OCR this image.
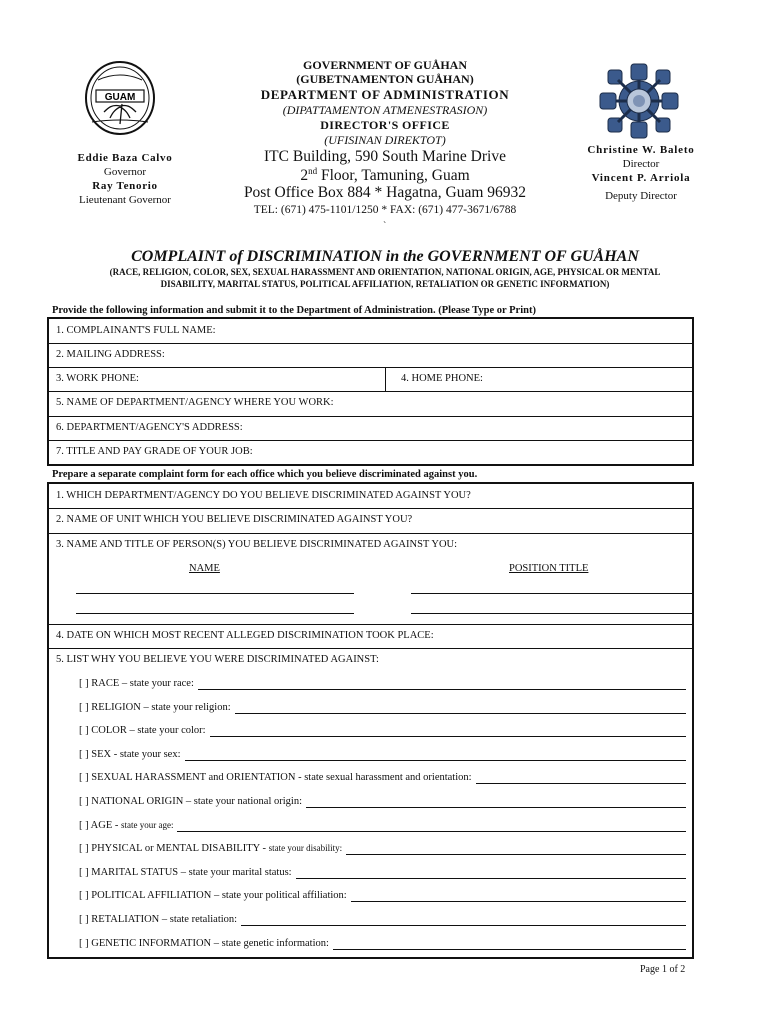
GUAM
GOVERNMENT OF GUÅHAN
(GUBETNAMENTON GUÅHAN)
DEPARTMENT OF ADMINISTRATION
(DIPATTAMENTON ATMENESTRASION)
DIRECTOR'S OFFICE
(UFISINAN DIREKTOT)
ITC Building, 590 South Marine Drive
2nd Floor, Tamuning, Guam
Post Office Box 884 * Hagatna, Guam 96932
TEL: (671) 475-1101/1250 * FAX: (671) 477-3671/6788
`
Eddie Baza Calvo
Governor
Ray Tenorio
Lieutenant Governor
Christine W. Baleto
Director
Vincent P. Arriola
Deputy Director
COMPLAINT of DISCRIMINATION in the GOVERNMENT OF GUÅHAN
(RACE, RELIGION, COLOR, SEX, SEXUAL HARASSMENT AND ORIENTATION, NATIONAL ORIGIN, AGE, PHYSICAL OR MENTAL
DISABILITY, MARITAL STATUS, POLITICAL AFFILIATION, RETALIATION OR GENETIC INFORMATION)
Provide the following information and submit it to the Department of Administration. (Please Type or Print)
1. COMPLAINANT'S FULL NAME:
2. MAILING ADDRESS:
3. WORK PHONE:	4. HOME PHONE:
5. NAME OF DEPARTMENT/AGENCY WHERE YOU WORK:
6. DEPARTMENT/AGENCY'S ADDRESS:
7. TITLE AND PAY GRADE OF YOUR JOB:
Prepare a separate complaint form for each office which you believe discriminated against you.
1. WHICH DEPARTMENT/AGENCY DO YOU BELIEVE DISCRIMINATED AGAINST YOU?
2. NAME OF UNIT WHICH YOU BELIEVE DISCRIMINATED AGAINST YOU?
3. NAME AND TITLE OF PERSON(S) YOU BELIEVE DISCRIMINATED AGAINST YOU:
NAME	POSITION TITLE
4. DATE ON WHICH MOST RECENT ALLEGED DISCRIMINATION TOOK PLACE:
5. LIST WHY YOU BELIEVE YOU WERE DISCRIMINATED AGAINST:
[ ] RACE – state your race:
[ ] RELIGION – state your religion:
[ ] COLOR – state your color:
[ ] SEX - state your sex:
[ ] SEXUAL HARASSMENT and ORIENTATION - state sexual harassment and orientation:
[ ] NATIONAL ORIGIN – state your national origin:
[ ] AGE - state your age:
[ ] PHYSICAL or MENTAL DISABILITY - state your disability:
[ ] MARITAL STATUS – state your marital status:
[ ] POLITICAL AFFILIATION – state your political affiliation:
[ ] RETALIATION – state retaliation:
[ ] GENETIC INFORMATION – state genetic information:
Page 1 of 2
